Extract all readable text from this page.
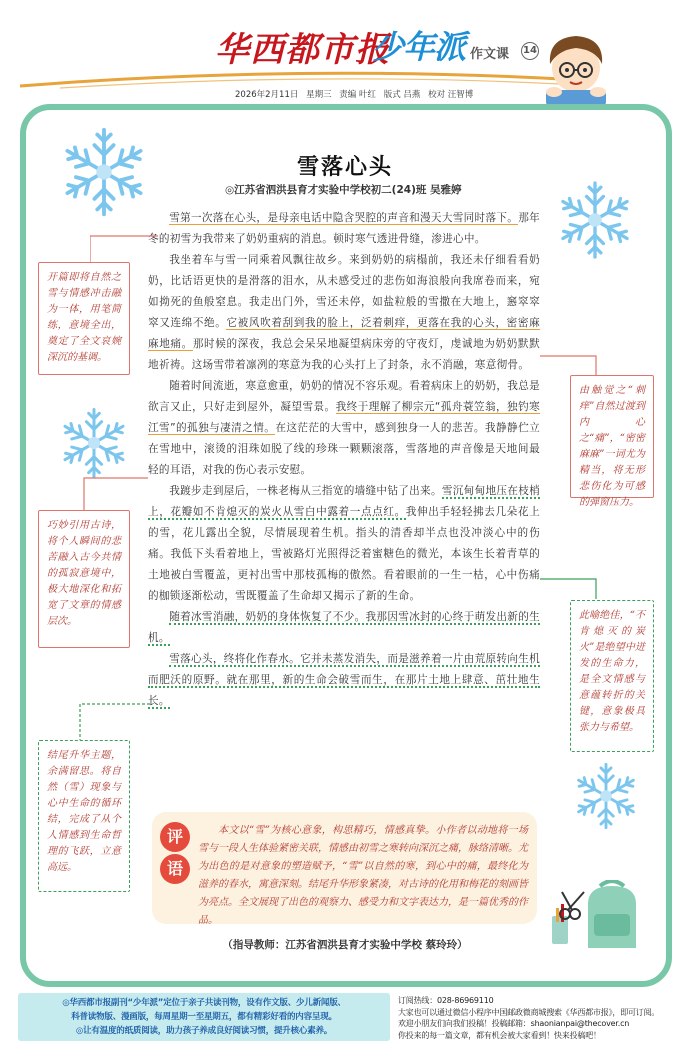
华西都市报
少年派 作文课 14
2026年2月11日 星期三 责编 叶红 版式 吕燕 校对 汪智博
雪落心头
◎江苏省泗洪县育才实验中学校初二(24)班 吴雅婷

雪第一次落在心头，是母亲电话中隐含哭腔的声音和漫天大雪同时落下。那年冬的初雪为我带来了奶奶重病的消息。顿时寒气透进骨缝，渗进心中。

我坐着车与雪一同乘着风飘往故乡。来到奶奶的病榻前，我还未仔细看看奶奶，比话语更快的是滑落的泪水，从未感受过的悲伤如海浪般向我席卷而来，宛如拗死的鱼般窒息。我走出门外，雪还未停，如盐粒般的雪撒在大地上，窸窣窣窣又连绵不绝。它被风吹着刮到我的脸上，泛着刺痒，更落在我的心头，密密麻麻地痛。那时候的深夜，我总会呆呆地凝望病床旁的守夜灯，虔诚地为奶奶默默地祈祷。这场雪带着凛冽的寒意为我的心头打上了封条，永不消融，寒意彻骨。

随着时间流逝，寒意愈重，奶奶的情况不容乐观。看着病床上的奶奶，我总是欲言又止，只好走到屋外，凝望雪景。我终于理解了柳宗元“孤舟蓑笠翁，独钓寒江雪”的孤独与凄清之情。在这茫茫的大雪中，感到独身一人的悲苦。我静静伫立在雪地中，滚烫的泪珠如脱了线的珍珠一颗颗滚落，雪落地的声音像是天地间最轻的耳语，对我的伤心表示安慰。

我踱步走到屋后，一株老梅从三指宽的墙缝中钻了出来。雪沉甸甸地压在枝梢上，花瓣如不肯熄灭的炭火从雪白中露着一点点红。我伸出手轻轻拂去几朵花上的雪，花儿露出全貌，尽情展现着生机。指头的清香却半点也没冲淡心中的伤痛。我低下头看着地上，雪被路灯光照得泛着蜜糖色的微光，本该生长着青草的土地被白雪覆盖，更衬出雪中那枝孤梅的傲然。看着眼前的一生一枯，心中伤痛的枷锁逐渐松动，雪既覆盖了生命却又揭示了新的生命。

随着冰雪消融，奶奶的身体恢复了不少。我那因雪冰封的心终于萌发出新的生机。

雪落心头，终将化作春水。它并未蒸发消失，而是滋养着一片由荒原转向生机而肥沃的原野。就在那里，新的生命会破雪而生，在那片土地上肆意、茁壮地生长。

开篇即将自然之雪与情感冲击融为一体，用笔简练，意境全出，奠定了全文哀婉深沉的基调。
由触觉之“刺痒”自然过渡到内心之“痛”，“密密麻麻”一词尤为精当，将无形悲伤化为可感的弹窗压力。
巧妙引用古诗，将个人瞬间的悲苦融入古今共情的孤寂意境中，极大地深化和拓宽了文章的情感层次。
此喻绝佳，“不肯熄灭的炭火”是绝望中迸发的生命力，是全文情感与意蕴转折的关键，意象极具张力与希望。
结尾升华主题，余满留思。将自然（雪）现象与心中生命的循环结，完成了从个人情感到生命哲理的飞跃，立意高远。
评
语
本文以“雪”为核心意象，构思精巧，情感真挚。小作者以动地将一场雪与一段人生体验紧密关联，情感由初雪之寒转向深沉之痛，脉络清晰。尤为出色的是对意象的塑造赋予，“雪”以自然的寒，到心中的痛，最终化为滋养的春水，寓意深刻。结尾升华形象紧凑，对古诗的化用和梅花的刻画皆为亮点。全文展现了出色的观察力、感受力和文字表达力，是一篇优秀的作品。
（指导教师：江苏省泗洪县育才实验中学校 蔡玲玲）

◎华西都市报副刊“少年派”定位于亲子共读刊物，设有作文版、少儿新闻版、

科普读物版、漫画版，每周星期一至星期五，都有精彩好看的内容呈现。

◎让有温度的纸质阅读，助力孩子养成良好阅读习惯，提升核心素养。

订阅热线：028-86969110

大家也可以通过微信小程序中国邮政微商城搜索《华西都市报》，即可订阅。

欢迎小朋友们向我们投稿！投稿邮箱：shaonianpai@thecover.cn

你投来的每一篇文章，都有机会被大家看到！快来投稿吧！
